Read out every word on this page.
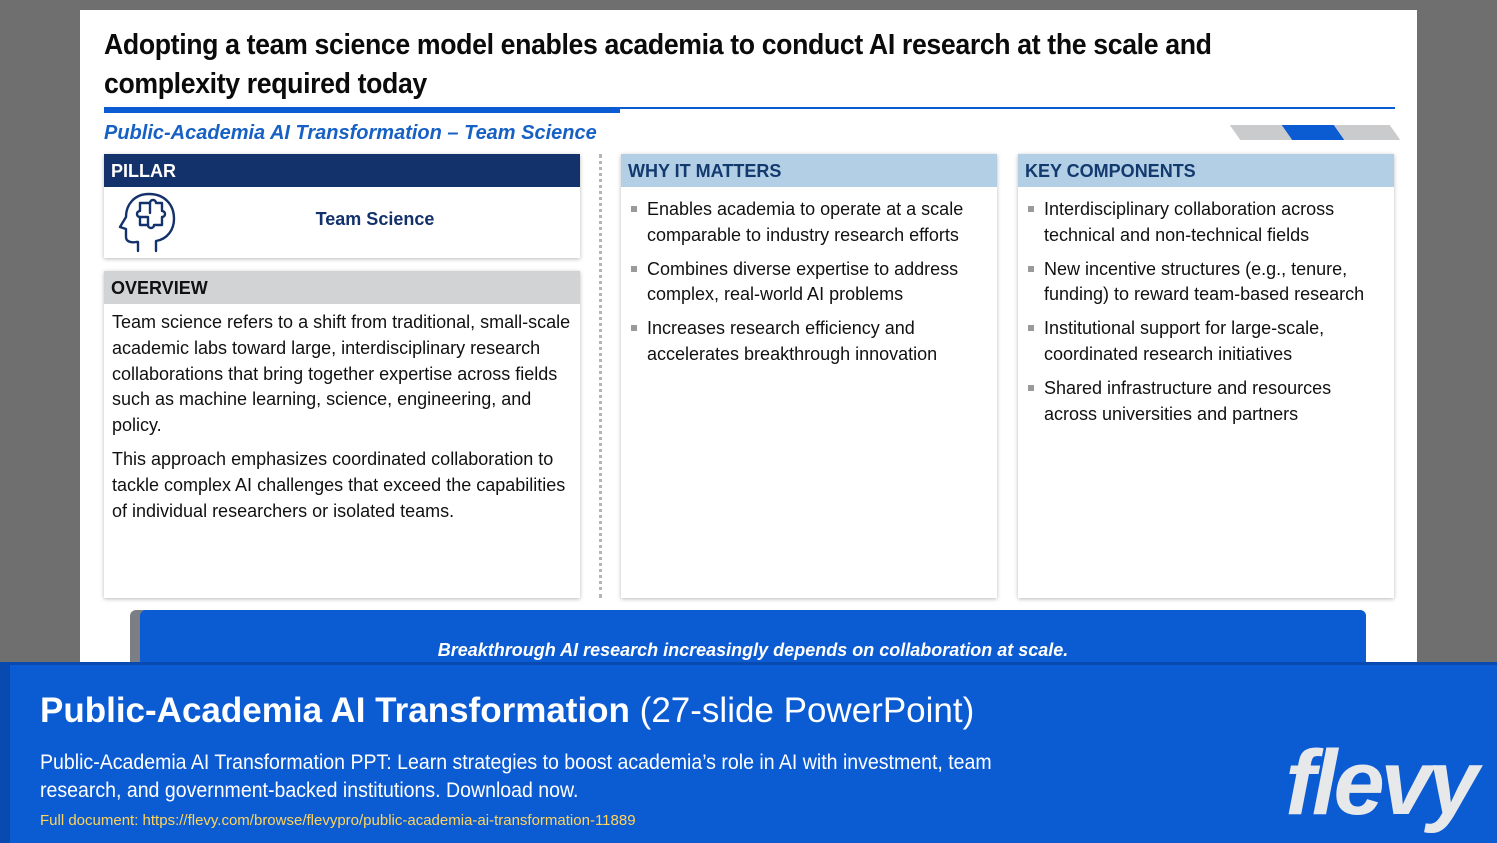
Adopting a team science model enables academia to conduct AI research at the scale and
complexity required today
Public-Academia AI Transformation – Team Science
PILLAR
Team Science
OVERVIEW

Team science refers to a shift from traditional, small-scale academic labs toward large, interdisciplinary research collaborations that bring together expertise across fields such as machine learning, science, engineering, and policy.

This approach emphasizes coordinated collaboration to tackle complex AI challenges that exceed the capabilities of individual researchers or isolated teams.

WHY IT MATTERS
Enables academia to operate at a scale comparable to industry research efforts
Combines diverse expertise to address complex, real-world AI problems
Increases research efficiency and accelerates breakthrough innovation
KEY COMPONENTS
Interdisciplinary collaboration across technical and non-technical fields
New incentive structures (e.g., tenure, funding) to reward team-based research
Institutional support for large-scale, coordinated research initiatives
Shared infrastructure and resources across universities and partners
Breakthrough AI research increasingly depends on collaboration at scale.
Public-Academia AI Transformation (27-slide PowerPoint)
Public-Academia AI Transformation PPT: Learn strategies to boost academia’s role in AI with investment, team research, and government-backed institutions. Download now.
Full document: https://flevy.com/browse/flevypro/public-academia-ai-transformation-11889	flevy
